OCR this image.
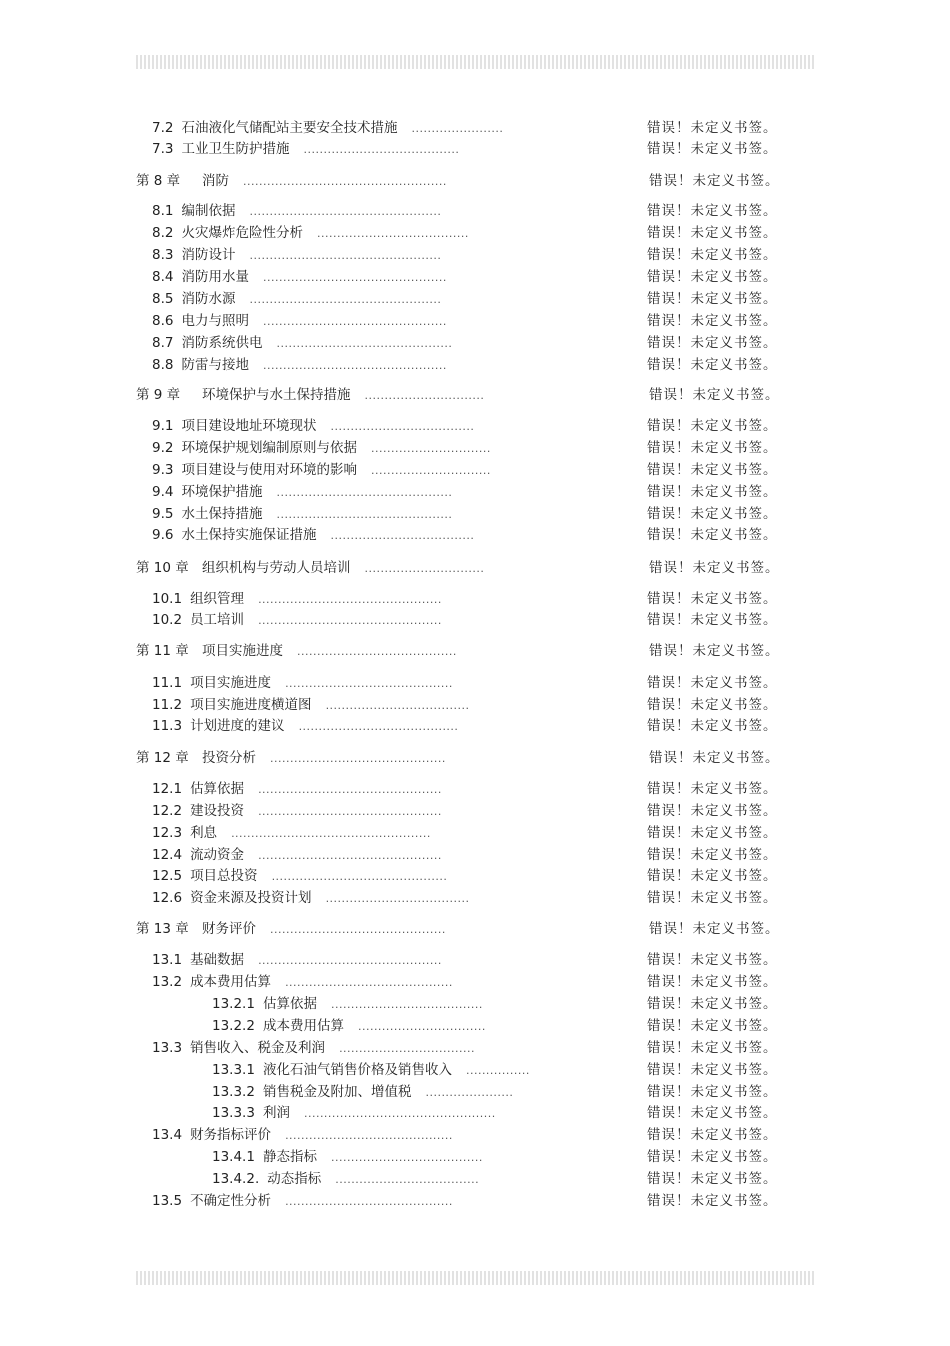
7.2 石油液化气储配站主要安全技术措施 .......................	错误！未定义书签。
7.3 工业卫生防护措施 .......................................	错误！未定义书签。
第 8 章 消防 ...................................................	错误！未定义书签。
8.1 编制依据 ................................................	错误！未定义书签。
8.2 火灾爆炸危险性分析 ......................................	错误！未定义书签。
8.3 消防设计 ................................................	错误！未定义书签。
8.4 消防用水量 ..............................................	错误！未定义书签。
8.5 消防水源 ................................................	错误！未定义书签。
8.6 电力与照明 ..............................................	错误！未定义书签。
8.7 消防系统供电 ............................................	错误！未定义书签。
8.8 防雷与接地 ..............................................	错误！未定义书签。
第 9 章 环境保护与水土保持措施 ..............................	错误！未定义书签。
9.1 项目建设地址环境现状 ....................................	错误！未定义书签。
9.2 环境保护规划编制原则与依据 ..............................	错误！未定义书签。
9.3 项目建设与使用对环境的影响 ..............................	错误！未定义书签。
9.4 环境保护措施 ............................................	错误！未定义书签。
9.5 水土保持措施 ............................................	错误！未定义书签。
9.6 水土保持实施保证措施 ....................................	错误！未定义书签。
第 10 章 组织机构与劳动人员培训 ..............................	错误！未定义书签。
10.1 组织管理 ..............................................	错误！未定义书签。
10.2 员工培训 ..............................................	错误！未定义书签。
第 11 章 项目实施进度 ........................................	错误！未定义书签。
11.1 项目实施进度 ..........................................	错误！未定义书签。
11.2 项目实施进度横道图 ....................................	错误！未定义书签。
11.3 计划进度的建议 ........................................	错误！未定义书签。
第 12 章 投资分析 ............................................	错误！未定义书签。
12.1 估算依据 ..............................................	错误！未定义书签。
12.2 建设投资 ..............................................	错误！未定义书签。
12.3 利息 ..................................................	错误！未定义书签。
12.4 流动资金 ..............................................	错误！未定义书签。
12.5 项目总投资 ............................................	错误！未定义书签。
12.6 资金来源及投资计划 ....................................	错误！未定义书签。
第 13 章 财务评价 ............................................	错误！未定义书签。
13.1 基础数据 ..............................................	错误！未定义书签。
13.2 成本费用估算 ..........................................	错误！未定义书签。
13.2.1 估算依据 ......................................	错误！未定义书签。
13.2.2 成本费用估算 ................................	错误！未定义书签。
13.3 销售收入、税金及利润 ..................................	错误！未定义书签。
13.3.1 液化石油气销售价格及销售收入 ................	错误！未定义书签。
13.3.2 销售税金及附加、增值税 ......................	错误！未定义书签。
13.3.3 利润 ................................................	错误！未定义书签。
13.4 财务指标评价 ..........................................	错误！未定义书签。
13.4.1 静态指标 ......................................	错误！未定义书签。
13.4.2. 动态指标 ....................................	错误！未定义书签。
13.5 不确定性分析 ..........................................	错误！未定义书签。
